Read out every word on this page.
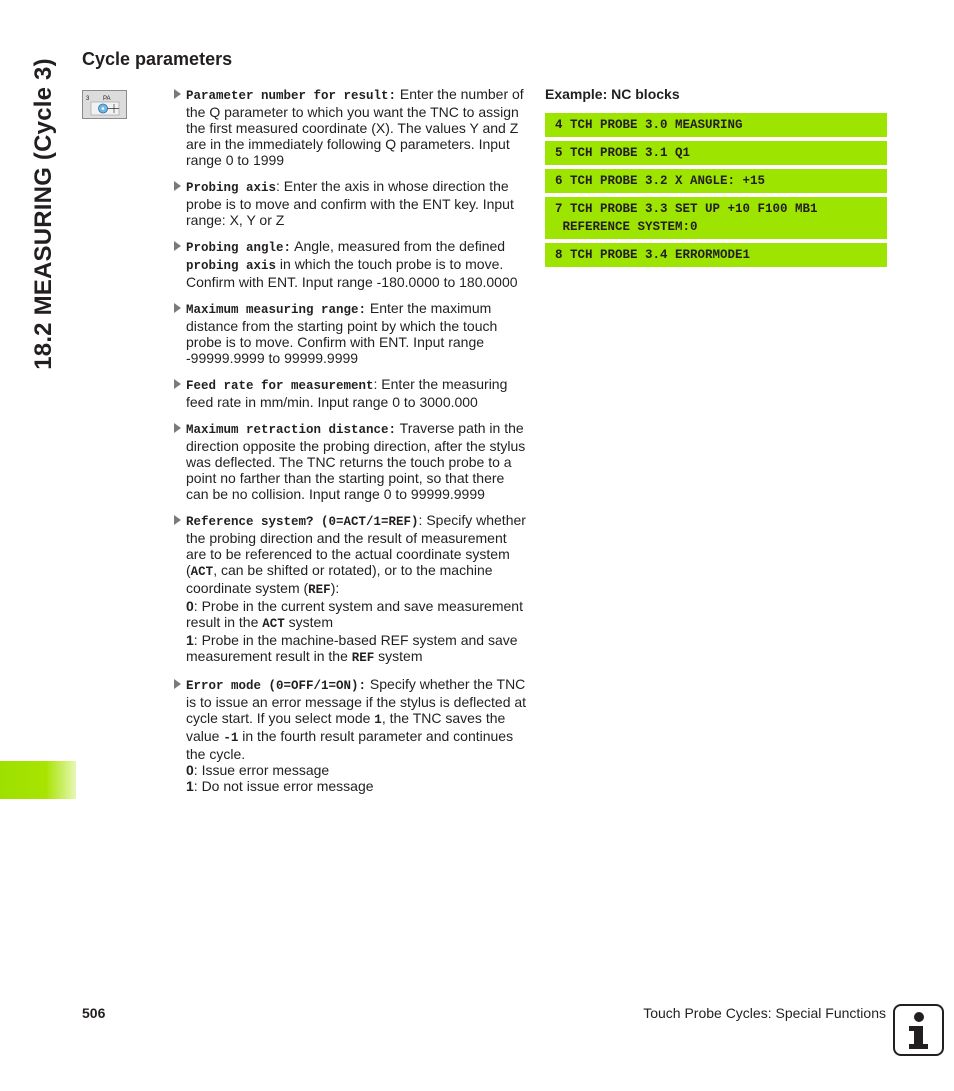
18.2 MEASURING (Cycle 3) Cycle parameters
3 PA	Parameter number for result: Enter the number of the Q parameter to which you want the TNC to assign the first measured coordinate (X). The values Y and Z are in the immediately following Q parameters. Input range 0 to 1999
Probing axis: Enter the axis in whose direction the probe is to move and confirm with the ENT key. Input range: X, Y or Z
Probing angle: Angle, measured from the defined probing axis in which the touch probe is to move. Confirm with ENT. Input range -180.0000 to 180.0000
Maximum measuring range: Enter the maximum distance from the starting point by which the touch probe is to move. Confirm with ENT. Input range -99999.9999 to 99999.9999
Feed rate for measurement: Enter the measuring feed rate in mm/min. Input range 0 to 3000.000
Maximum retraction distance: Traverse path in the direction opposite the probing direction, after the stylus was deflected. The TNC returns the touch probe to a point no farther than the starting point, so that there can be no collision. Input range 0 to 99999.9999
Reference system? (0=ACT/1=REF): Specify whether the probing direction and the result of measurement are to be referenced to the actual coordinate system (ACT, can be shifted or rotated), or to the machine coordinate system (REF):
0: Probe in the current system and save measurement result in the ACT system
1: Probe in the machine-based REF system and save measurement result in the REF system
Error mode (0=OFF/1=ON): Specify whether the TNC is to issue an error message if the stylus is deflected at cycle start. If you select mode 1, the TNC saves the value -1 in the fourth result parameter and continues the cycle.
0: Issue error message
1: Do not issue error message
Example: NC blocks
4 TCH PROBE 3.0 MEASURING
5 TCH PROBE 3.1 Q1
6 TCH PROBE 3.2 X ANGLE: +15
7 TCH PROBE 3.3 SET UP +10 F100 MB1
REFERENCE SYSTEM:0
8 TCH PROBE 3.4 ERRORMODE1
506	Touch Probe Cycles: Special Functions
